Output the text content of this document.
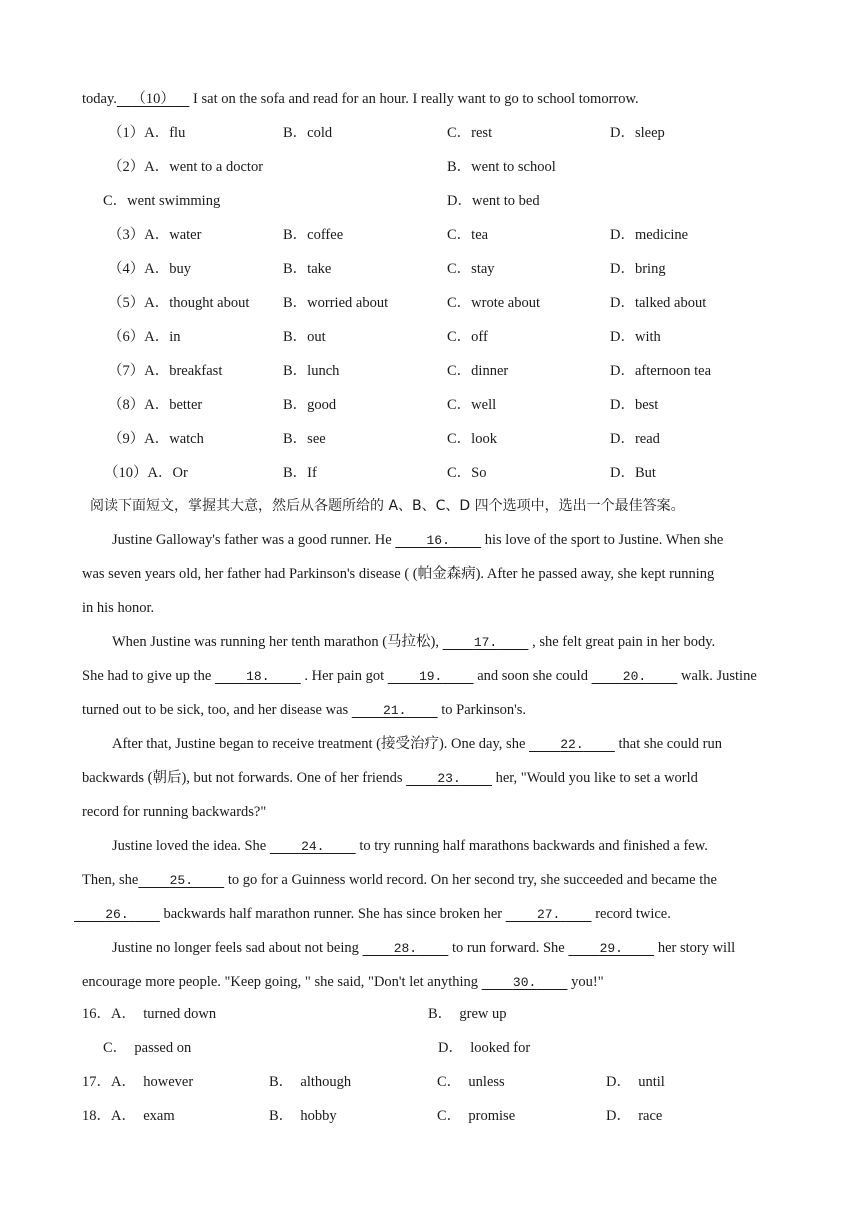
today. （10） I sat on the sofa and read for an hour. I really want to go to school tomorrow.
（1）A．flu	B．cold	C．rest	D．sleep
（2）A．went to a doctor	B．went to school
C．went swimming	D．went to bed
（3）A．water	B．coffee	C．tea	D．medicine
（4）A．buy	B．take	C．stay	D．bring
（5）A．thought about B．worried about	C．wrote about	D．talked about
（6）A．in	B．out	C．off	D．with
（7）A．breakfast	B．lunch	C．dinner	D．afternoon tea
（8）A．better	B．good	C．well	D．best
（9）A．watch	B．see	C．look	D．read
（10）A．Or	B．If	C．So	D．But
阅读下面短文，掌握其大意，然后从各题所给的 A、B、C、D 四个选项中，选出一个最佳答案。
Justine Galloway's father was a good runner. He	16. his love of the sport to Justine. When she
was seven years old, her father had Parkinson's disease ( (帕金森病). After he passed away, she kept running
in his honor.
When Justine was running her tenth marathon (马拉松),	17. , she felt great pain in her body.
She had to give up the	18. . Her pain got	19. and soon she could	20. walk. Justine
turned out to be sick, too, and her disease was	21. to Parkinson's.
After that, Justine began to receive treatment (接受治疗). One day, she	22. that she could run
backwards (朝后), but not forwards. One of her friends	23. her, "Would you like to set a world
record for running backwards?"
Justine loved the idea. She	24. to try running half marathons backwards and finished a few.
Then, she 25. to go for a Guinness world record. On her second try, she succeeded and became the
26. backwards half marathon runner. She has since broken her	27. record twice.
Justine no longer feels sad about not being	28. to run forward. She	29. her story will
encourage more people. "Keep going, " she said, "Don't let anything	30. you!"
16．A．　turned down	B．　grew up
C．　passed on	D．　looked for
17．A．　however	B．　although	C．　unless	D．　until
18．A．　exam	B．　hobby	C．　promise	D．　race
